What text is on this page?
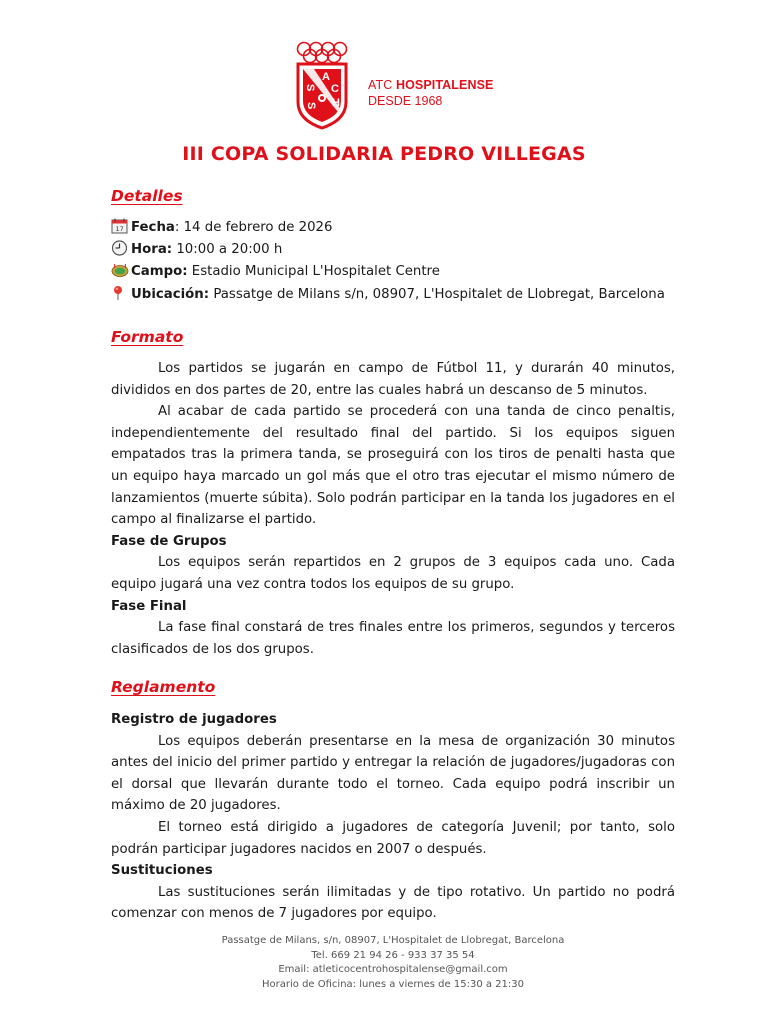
S
A
C
H
S
ATC HOSPITALENSE
DESDE 1968
III COPA SOLIDARIA PEDRO VILLEGAS
Detalles
17 Fecha: 14 de febrero de 2026
Hora: 10:00 a 20:00 h
Campo: Estadio Municipal L'Hospitalet Centre
Ubicación: Passatge de Milans s/n, 08907, L'Hospitalet de Llobregat, Barcelona
Formato

Los partidos se jugarán en campo de Fútbol 11, y durarán 40 minutos, divididos en dos partes de 20, entre las cuales habrá un descanso de 5 minutos.

Al acabar de cada partido se procederá con una tanda de cinco penaltis, independientemente del resultado final del partido. Si los equipos siguen empatados tras la primera tanda, se proseguirá con los tiros de penalti hasta que un equipo haya marcado un gol más que el otro tras ejecutar el mismo número de lanzamientos (muerte súbita). Solo podrán participar en la tanda los jugadores en el campo al finalizarse el partido.

Fase de Grupos

Los equipos serán repartidos en 2 grupos de 3 equipos cada uno. Cada equipo jugará una vez contra todos los equipos de su grupo.

Fase Final

La fase final constará de tres finales entre los primeros, segundos y terceros clasificados de los dos grupos.

Reglamento

Registro de jugadores

Los equipos deberán presentarse en la mesa de organización 30 minutos antes del inicio del primer partido y entregar la relación de jugadores/jugadoras con el dorsal que llevarán durante todo el torneo. Cada equipo podrá inscribir un máximo de 20 jugadores.

El torneo está dirigido a jugadores de categoría Juvenil; por tanto, solo podrán participar jugadores nacidos en 2007 o después.

Sustituciones

Las sustituciones serán ilimitadas y de tipo rotativo. Un partido no podrá comenzar con menos de 7 jugadores por equipo.

Passatge de Milans, s/n, 08907, L'Hospitalet de Llobregat, Barcelona
Tel. 669 21 94 26 - 933 37 35 54
Email: atleticocentrohospitalense@gmail.com
Horario de Oficina: lunes a viernes de 15:30 a 21:30
